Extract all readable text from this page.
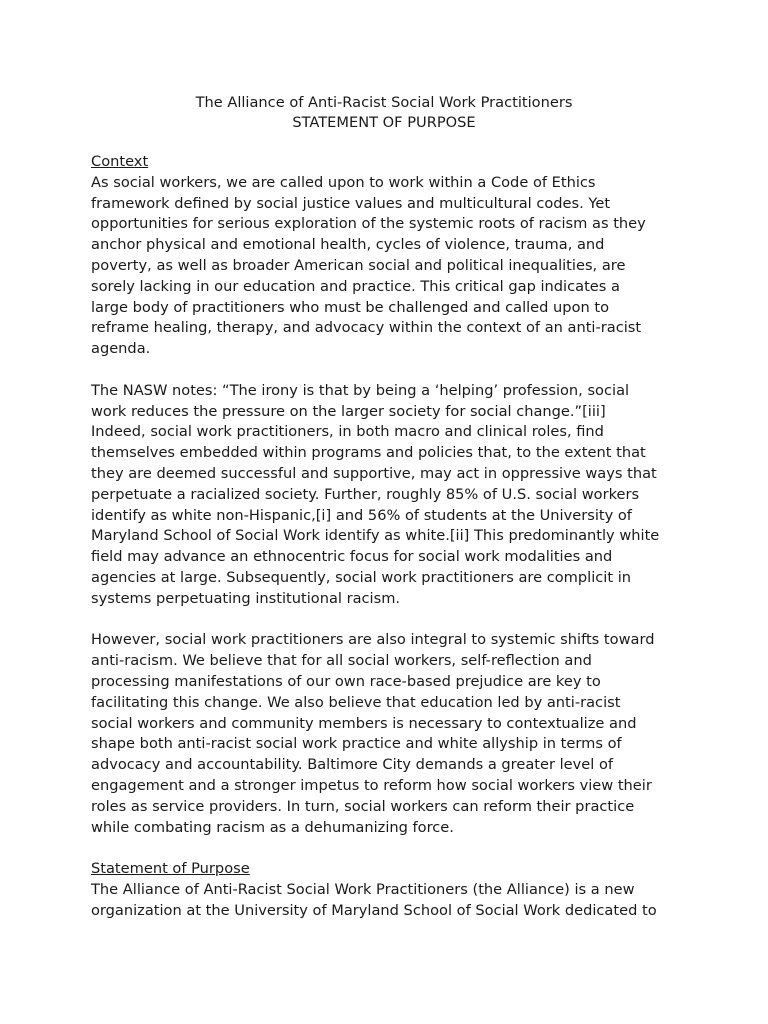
The Alliance of Anti-Racist Social Work Practitioners
STATEMENT OF PURPOSE
Context
As social workers, we are called upon to work within a Code of Ethics
framework defined by social justice values and multicultural codes. Yet
opportunities for serious exploration of the systemic roots of racism as they
anchor physical and emotional health, cycles of violence, trauma, and
poverty, as well as broader American social and political inequalities, are
sorely lacking in our education and practice. This critical gap indicates a
large body of practitioners who must be challenged and called upon to
reframe healing, therapy, and advocacy within the context of an anti-racist
agenda.
The NASW notes: “The irony is that by being a ‘helping’ profession, social
work reduces the pressure on the larger society for social change.”[iii]
Indeed, social work practitioners, in both macro and clinical roles, find
themselves embedded within programs and policies that, to the extent that
they are deemed successful and supportive, may act in oppressive ways that
perpetuate a racialized society. Further, roughly 85% of U.S. social workers
identify as white non-Hispanic,[i] and 56% of students at the University of
Maryland School of Social Work identify as white.[ii] This predominantly white
field may advance an ethnocentric focus for social work modalities and
agencies at large. Subsequently, social work practitioners are complicit in
systems perpetuating institutional racism.
However, social work practitioners are also integral to systemic shifts toward
anti-racism. We believe that for all social workers, self-reflection and
processing manifestations of our own race-based prejudice are key to
facilitating this change. We also believe that education led by anti-racist
social workers and community members is necessary to contextualize and
shape both anti-racist social work practice and white allyship in terms of
advocacy and accountability. Baltimore City demands a greater level of
engagement and a stronger impetus to reform how social workers view their
roles as service providers. In turn, social workers can reform their practice
while combating racism as a dehumanizing force.
Statement of Purpose
The Alliance of Anti-Racist Social Work Practitioners (the Alliance) is a new
organization at the University of Maryland School of Social Work dedicated to
